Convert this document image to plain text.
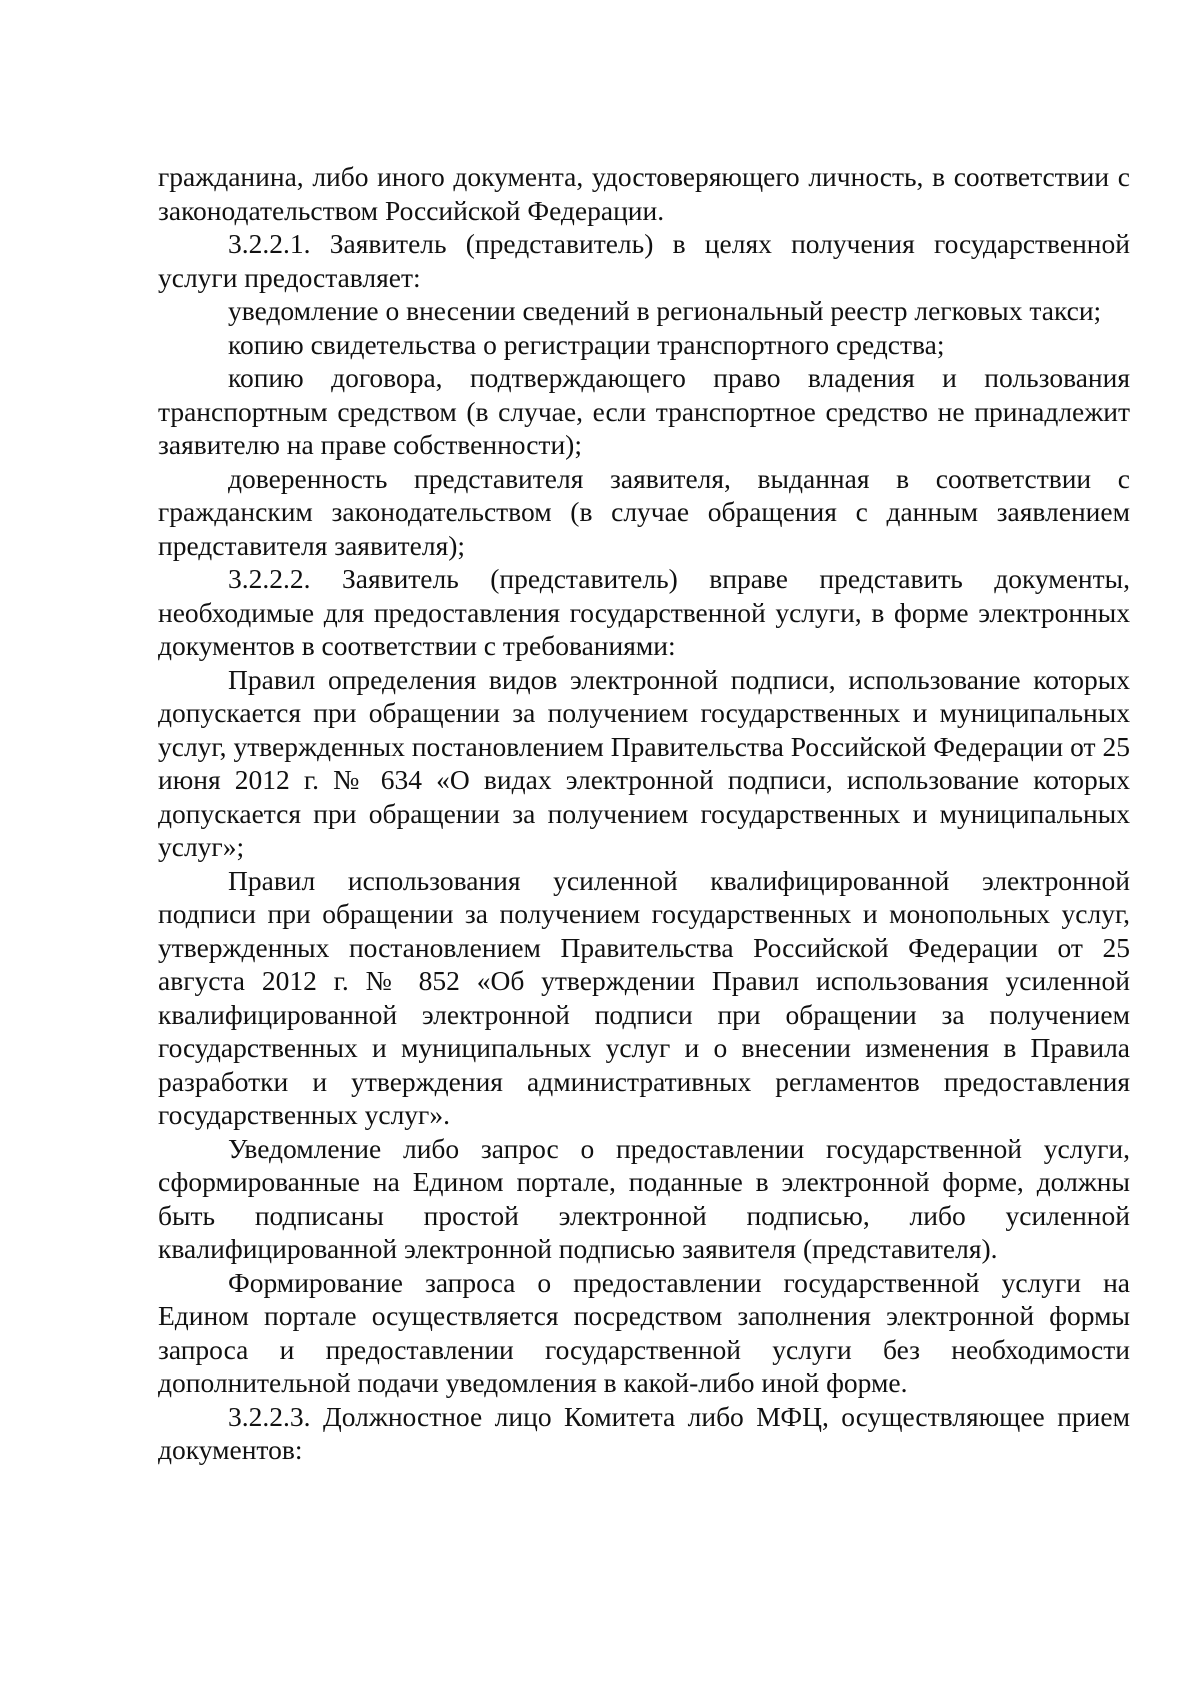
гражданина, либо иного документа, удостоверяющего личность, в соответствии с законодательством Российской Федерации.

3.2.2.1. Заявитель (представитель) в целях получения государственной услуги предоставляет:

уведомление о внесении сведений в региональный реестр легковых такси;

копию свидетельства о регистрации транспортного средства;

копию договора, подтверждающего право владения и пользования транспортным средством (в случае, если транспортное средство не принадлежит заявителю на праве собственности);

доверенность представителя заявителя, выданная в соответствии с гражданским законодательством (в случае обращения с данным заявлением представителя заявителя);

3.2.2.2. Заявитель (представитель) вправе представить документы, необходимые для предоставления государственной услуги, в форме электронных документов в соответствии с требованиями:

Правил определения видов электронной подписи, использование которых допускается при обращении за получением государственных и муниципальных услуг, утвержденных постановлением Правительства Российской Федерации от 25 июня 2012 г. № 634 «О видах электронной подписи, использование которых допускается при обращении за получением государственных и муниципальных услуг»;

Правил использования усиленной квалифицированной электронной подписи при обращении за получением государственных и монопольных услуг, утвержденных постановлением Правительства Российской Федерации от 25 августа 2012 г. № 852 «Об утверждении Правил использования усиленной квалифицированной электронной подписи при обращении за получением государственных и муниципальных услуг и о внесении изменения в Правила разработки и утверждения административных регламентов предоставления государственных услуг».

Уведомление либо запрос о предоставлении государственной услуги, сформированные на Едином портале, поданные в электронной форме, должны быть подписаны простой электронной подписью, либо усиленной квалифицированной электронной подписью заявителя (представителя).

Формирование запроса о предоставлении государственной услуги на Едином портале осуществляется посредством заполнения электронной формы запроса и предоставлении государственной услуги без необходимости дополнительной подачи уведомления в какой-либо иной форме.

3.2.2.3. Должностное лицо Комитета либо МФЦ, осуществляющее прием документов:
